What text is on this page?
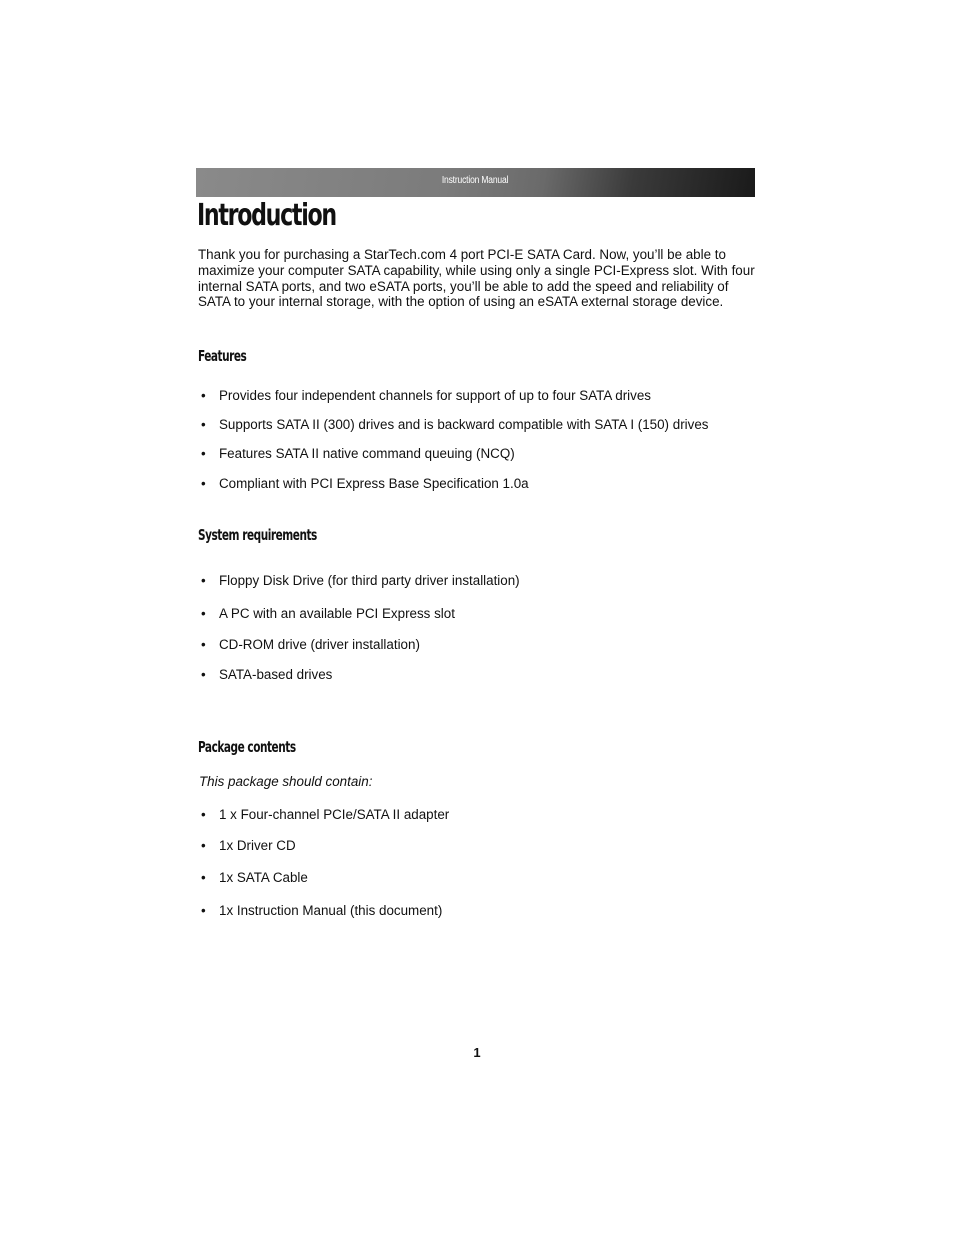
Instruction Manual
Introduction

Thank you for purchasing a StarTech.com 4 port PCI-E SATA Card. Now, you’ll be able to maximize your computer SATA capability, while using only a single PCI-Express slot. With four internal SATA ports, and two eSATA ports, you’ll be able to add the speed and reliability of SATA to your internal storage, with the option of using an eSATA external storage device.

Features
• Provides four independent channels for support of up to four SATA drives
• Supports SATA II (300) drives and is backward compatible with SATA I (150) drives
• Features SATA II native command queuing (NCQ)
• Compliant with PCI Express Base Specification 1.0a
System requirements
• Floppy Disk Drive (for third party driver installation)
• A PC with an available PCI Express slot
• CD-ROM drive (driver installation)
• SATA-based drives
Package contents

This package should contain:

• 1 x Four-channel PCIe/SATA II adapter
• 1x Driver CD
• 1x SATA Cable
• 1x Instruction Manual (this document)
1
